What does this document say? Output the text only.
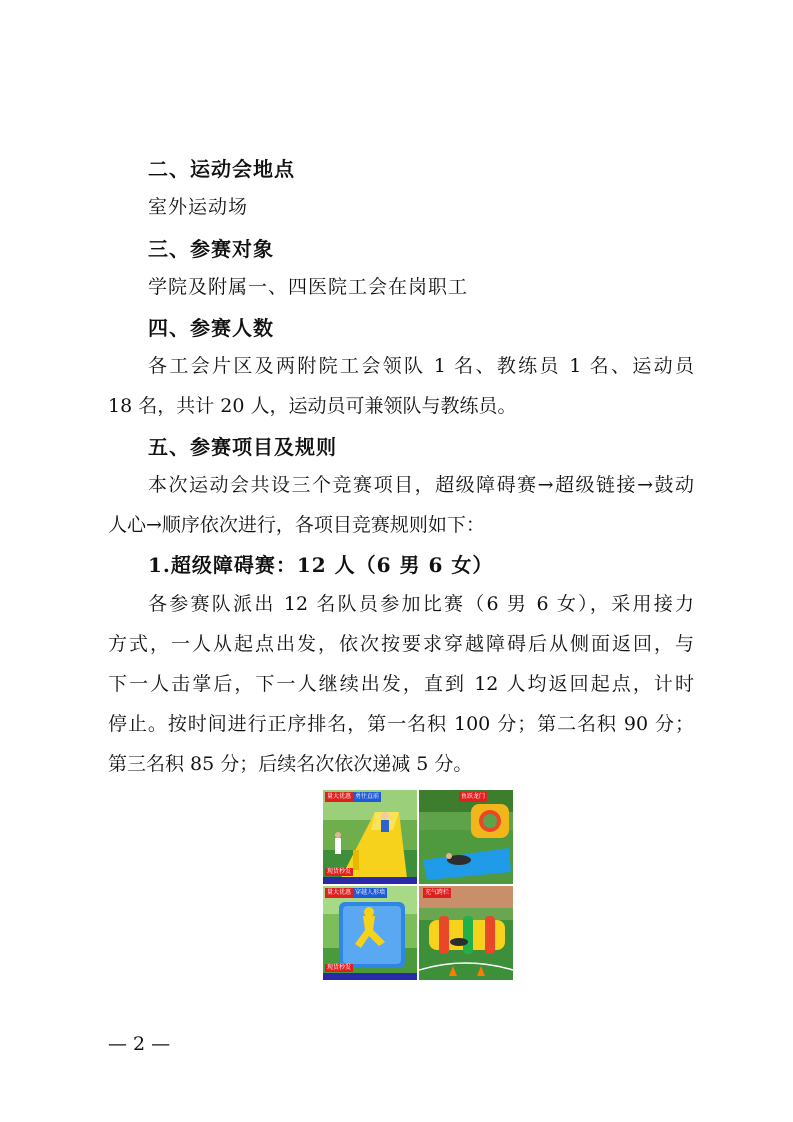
二、运动会地点
室外运动场
三、参赛对象
学院及附属一、四医院工会在岗职工
四、参赛人数
各工会片区及两附院工会领队 1 名、教练员 1 名、运动员
18 名，共计 20 人，运动员可兼领队与教练员。
五、参赛项目及规则
本次运动会共设三个竞赛项目，超级障碍赛→超级链接→鼓动
人心→顺序依次进行，各项目竞赛规则如下：
1.超级障碍赛：12 人（6 男 6 女）
各参赛队派出 12 名队员参加比赛（6 男 6 女），采用接力
方式，一人从起点出发，依次按要求穿越障碍后从侧面返回，与
下一人击掌后，下一人继续出发，直到 12 人均返回起点，计时
停止。按时间进行正序排名，第一名积 100 分；第二名积 90 分；
第三名积 85 分；后续名次依次递减 5 分。
量大优惠 勇往直前
现货秒发
鱼跃龙门
量大优惠 穿越人形墙
现货秒发
充气跨栏
— 2 —
